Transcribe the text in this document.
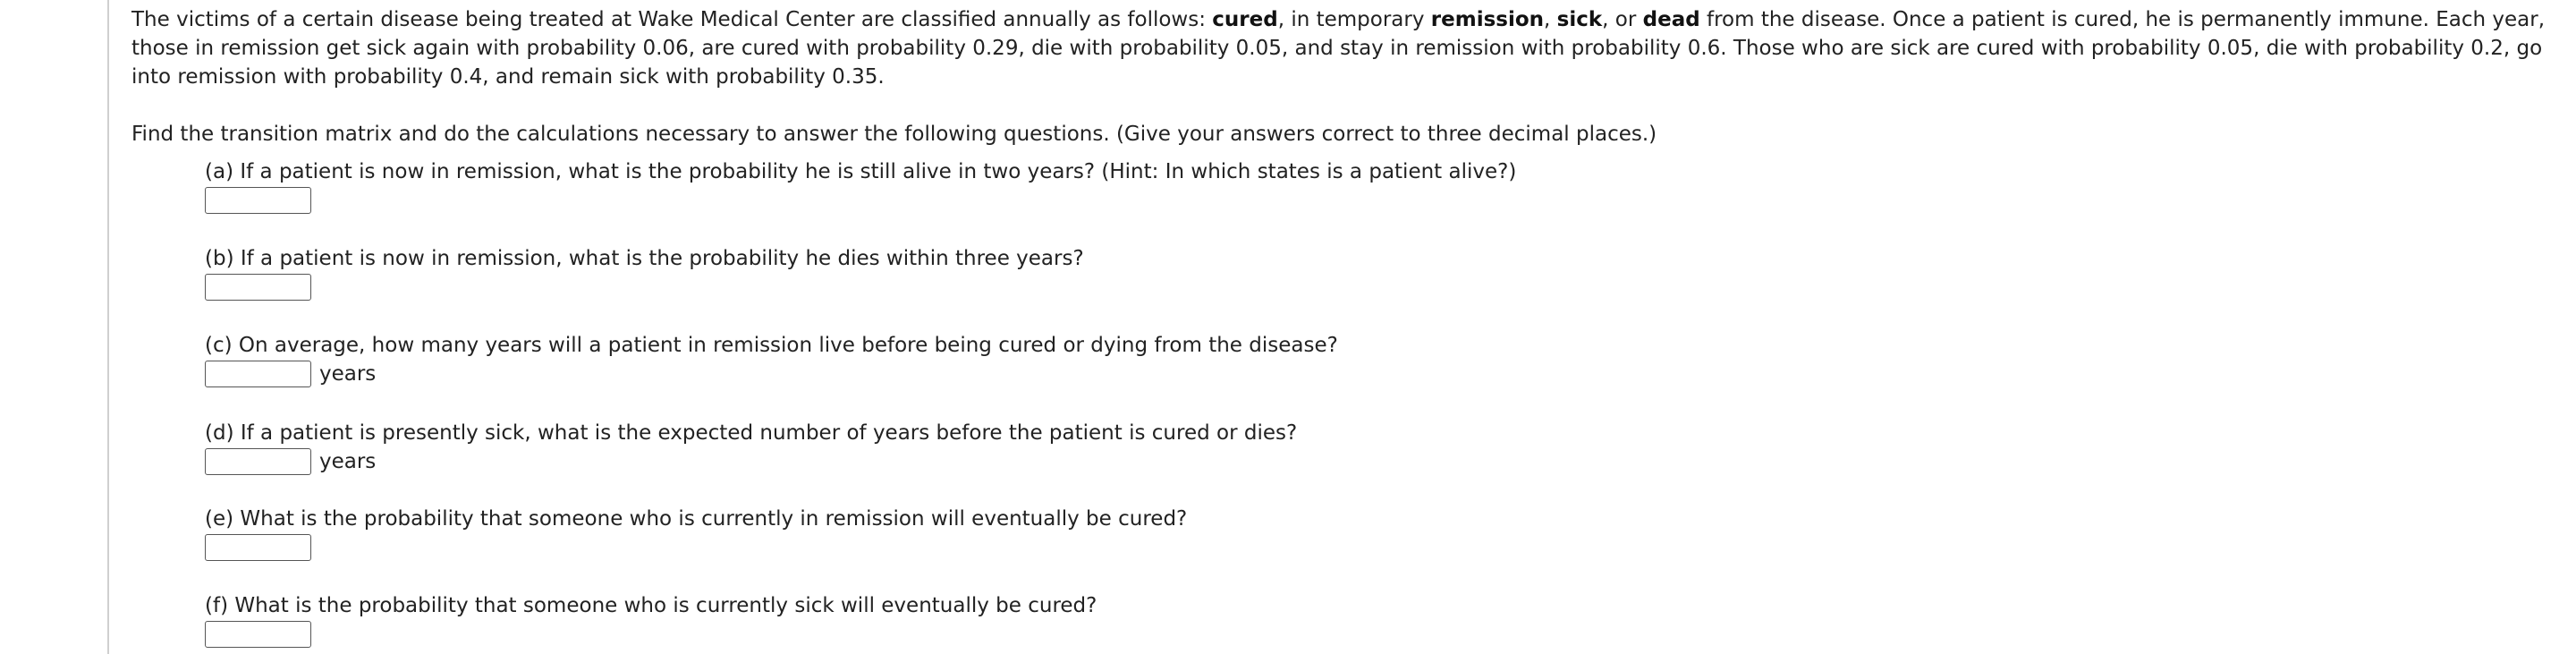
The victims of a certain disease being treated at Wake Medical Center are classified annually as follows: cured, in temporary remission, sick, or dead from the disease. Once a patient is cured, he is permanently immune. Each year, those in remission get sick again with probability 0.06, are cured with probability 0.29, die with probability 0.05, and stay in remission with probability 0.6. Those who are sick are cured with probability 0.05, die with probability 0.2, go into remission with probability 0.4, and remain sick with probability 0.35.

Find the transition matrix and do the calculations necessary to answer the following questions. (Give your answers correct to three decimal places.)

(a) If a patient is now in remission, what is the probability he is still alive in two years? (Hint: In which states is a patient alive?)
(b) If a patient is now in remission, what is the probability he dies within three years?
(c) On average, how many years will a patient in remission live before being cured or dying from the disease?
years
(d) If a patient is presently sick, what is the expected number of years before the patient is cured or dies?
years
(e) What is the probability that someone who is currently in remission will eventually be cured?
(f) What is the probability that someone who is currently sick will eventually be cured?
